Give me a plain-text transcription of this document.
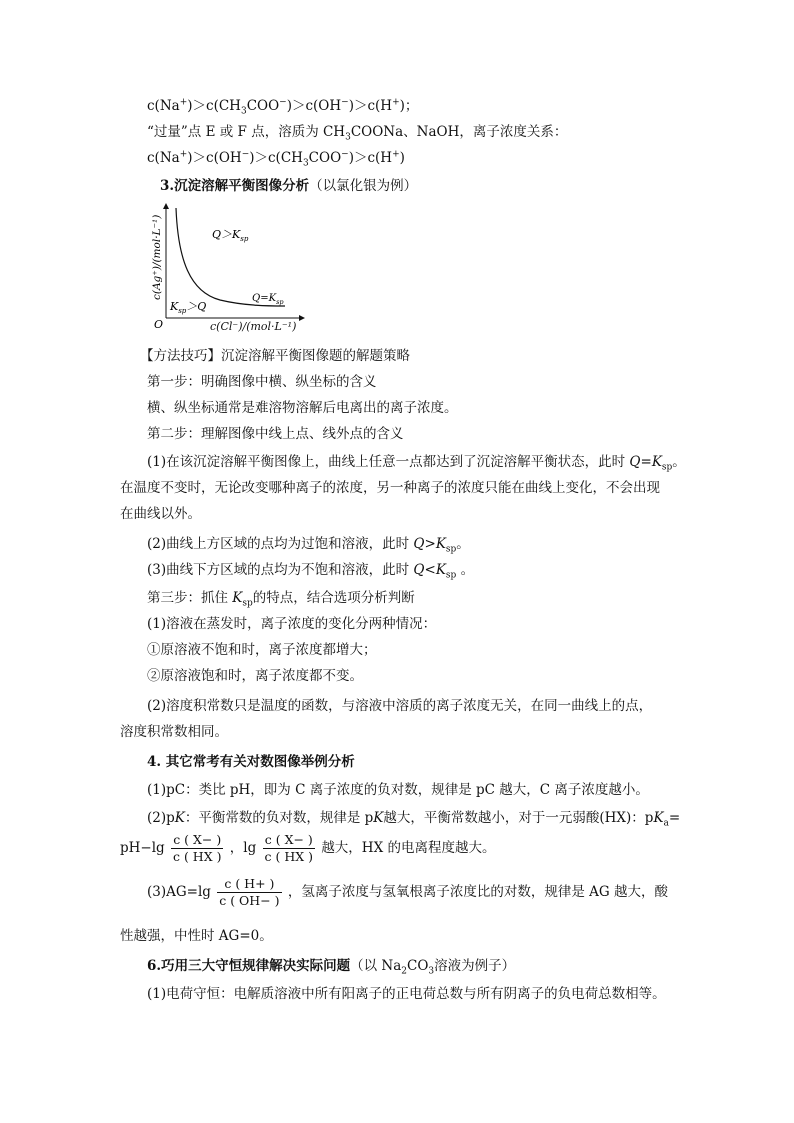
$c(Na^+)>c(CH_3COO^-)>c(OH^-)>c(H^+)$；
“过量”点 E 或 F 点，溶质为 $CH_3COONa$、NaOH，离子浓度关系：
$c(Na^+)>c(OH^-)>c(CH_3COO^-)>c(H^+)$
3.沉淀溶解平衡图像分析（以氯化银为例）
c(Ag⁺)/(mol·L⁻¹)
O
$Q>K_{sp}$
$K_{sp}>Q$
$Q=K_{sp}$
c(Cl⁻)/(mol·L⁻¹)
【方法技巧】沉淀溶解平衡图像题的解题策略
第一步：明确图像中横、纵坐标的含义
横、纵坐标通常是难溶物溶解后电离出的离子浓度。
第二步：理解图像中线上点、线外点的含义
(1)在该沉淀溶解平衡图像上，曲线上任意一点都达到了沉淀溶解平衡状态，此时 $Q=K_{sp}$。
在温度不变时，无论改变哪种离子的浓度，另一种离子的浓度只能在曲线上变化，不会出现
在曲线以外。
(2)曲线上方区域的点均为过饱和溶液，此时 $Q>K_{sp}$。
(3)曲线下方区域的点均为不饱和溶液，此时 $Q<K_{sp}$ 。
第三步：抓住 $K_{sp}$的特点，结合选项分析判断
(1)溶液在蒸发时，离子浓度的变化分两种情况：
①原溶液不饱和时，离子浓度都增大；
②原溶液饱和时，离子浓度都不变。
(2)溶度积常数只是温度的函数，与溶液中溶质的离子浓度无关，在同一曲线上的点，
溶度积常数相同。
4. 其它常考有关对数图像举例分析
(1)pC：类比 pH，即为 C 离子浓度的负对数，规律是 pC 越大，C 离子浓度越小。
(2)pK：平衡常数的负对数，规律是 pK越大，平衡常数越小，对于一元弱酸(HX)：$pK_a=$
$pH-\lg \frac{c ( X- )}{c ( HX )}$ ，$\lg \frac{c ( X- )}{c ( HX )}$ 越大，HX 的电离程度越大。
$(3)AG=\lg \frac{c ( H+ )}{c ( OH- )}$ ，氢离子浓度与氢氧根离子浓度比的对数，规律是 AG 越大，酸
性越强，中性时 AG=0。
6.巧用三大守恒规律解决实际问题（以 $Na_2CO_3$溶液为例子）
(1)电荷守恒：电解质溶液中所有阳离子的正电荷总数与所有阴离子的负电荷总数相等。
